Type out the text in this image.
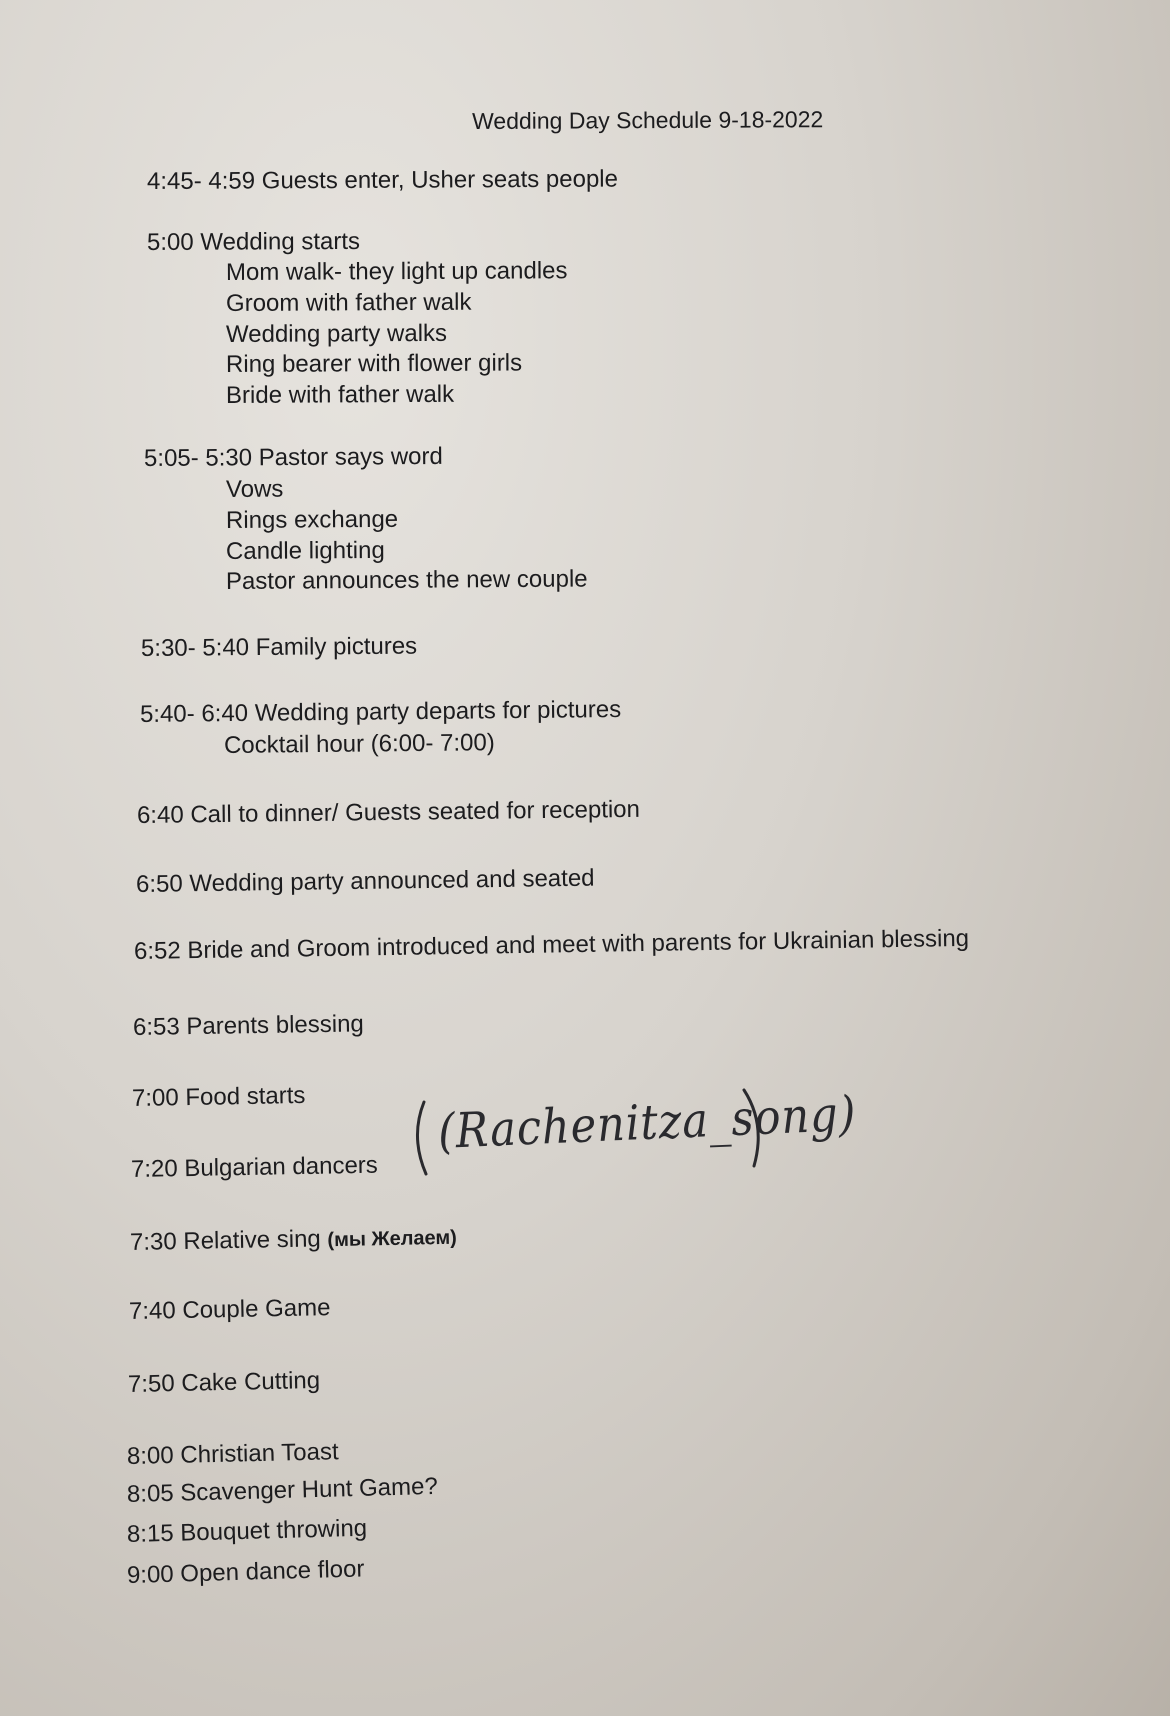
Wedding Day Schedule 9-18-2022
4:45- 4:59 Guests enter, Usher seats people
5:00 Wedding starts
Mom walk- they light up candles
Groom with father walk
Wedding party walks
Ring bearer with flower girls
Bride with father walk
5:05- 5:30 Pastor says word
Vows
Rings exchange
Candle lighting
Pastor announces the new couple
5:30- 5:40 Family pictures
5:40- 6:40 Wedding party departs for pictures
Cocktail hour (6:00- 7:00)
6:40 Call to dinner/ Guests seated for reception
6:50 Wedding party announced and seated
6:52 Bride and Groom introduced and meet with parents for Ukrainian blessing
6:53 Parents blessing
7:00 Food starts
7:20 Bulgarian dancers
(Rachenitza_song)
7:30 Relative sing (мы Желаем)
7:40 Couple Game
7:50 Cake Cutting
8:00 Christian Toast
8:05 Scavenger Hunt Game?
8:15 Bouquet throwing
9:00 Open dance floor
